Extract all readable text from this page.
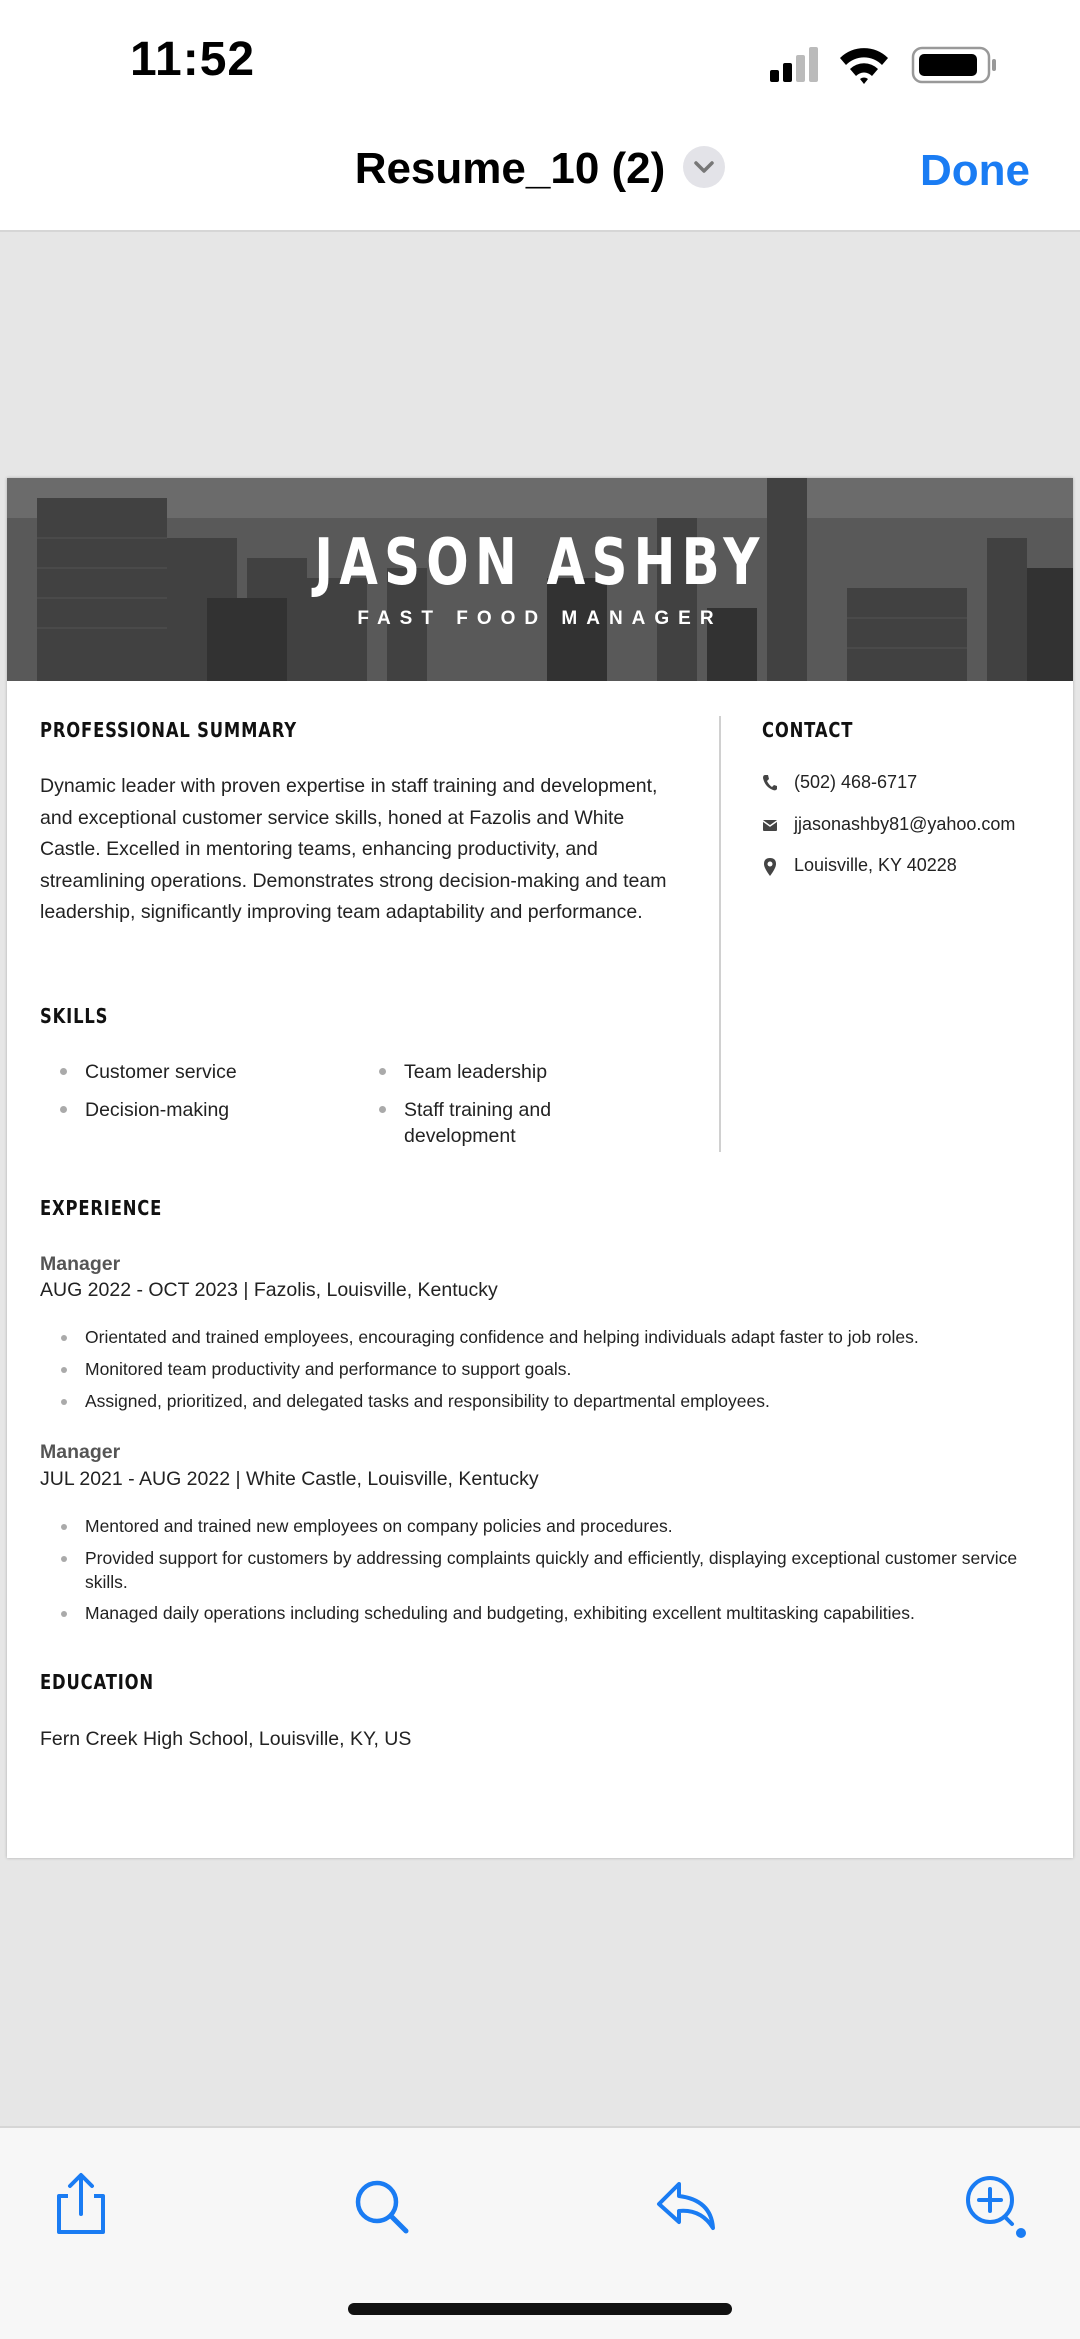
11:52
Resume_10 (2)	Done
JASON ASHBY
FAST FOOD MANAGER
PROFESSIONAL SUMMARY
Dynamic leader with proven expertise in staff training and development, and exceptional customer service skills, honed at Fazolis and White Castle. Excelled in mentoring teams, enhancing productivity, and streamlining operations. Demonstrates strong decision-making and team leadership, significantly improving team adaptability and performance.
SKILLS
Customer service	Team leadership
Decision-making	Staff training and development
CONTACT
(502) 468-6717
jjasonashby81@yahoo.com
Louisville, KY 40228
EXPERIENCE
Manager
AUG 2022 - OCT 2023 | Fazolis, Louisville, Kentucky
Orientated and trained employees, encouraging confidence and helping individuals adapt faster to job roles.
Monitored team productivity and performance to support goals.
Assigned, prioritized, and delegated tasks and responsibility to departmental employees.
Manager
JUL 2021 - AUG 2022 | White Castle, Louisville, Kentucky
Mentored and trained new employees on company policies and procedures.
Provided support for customers by addressing complaints quickly and efficiently, displaying exceptional customer service skills.
Managed daily operations including scheduling and budgeting, exhibiting excellent multitasking capabilities.
EDUCATION
Fern Creek High School, Louisville, KY, US
